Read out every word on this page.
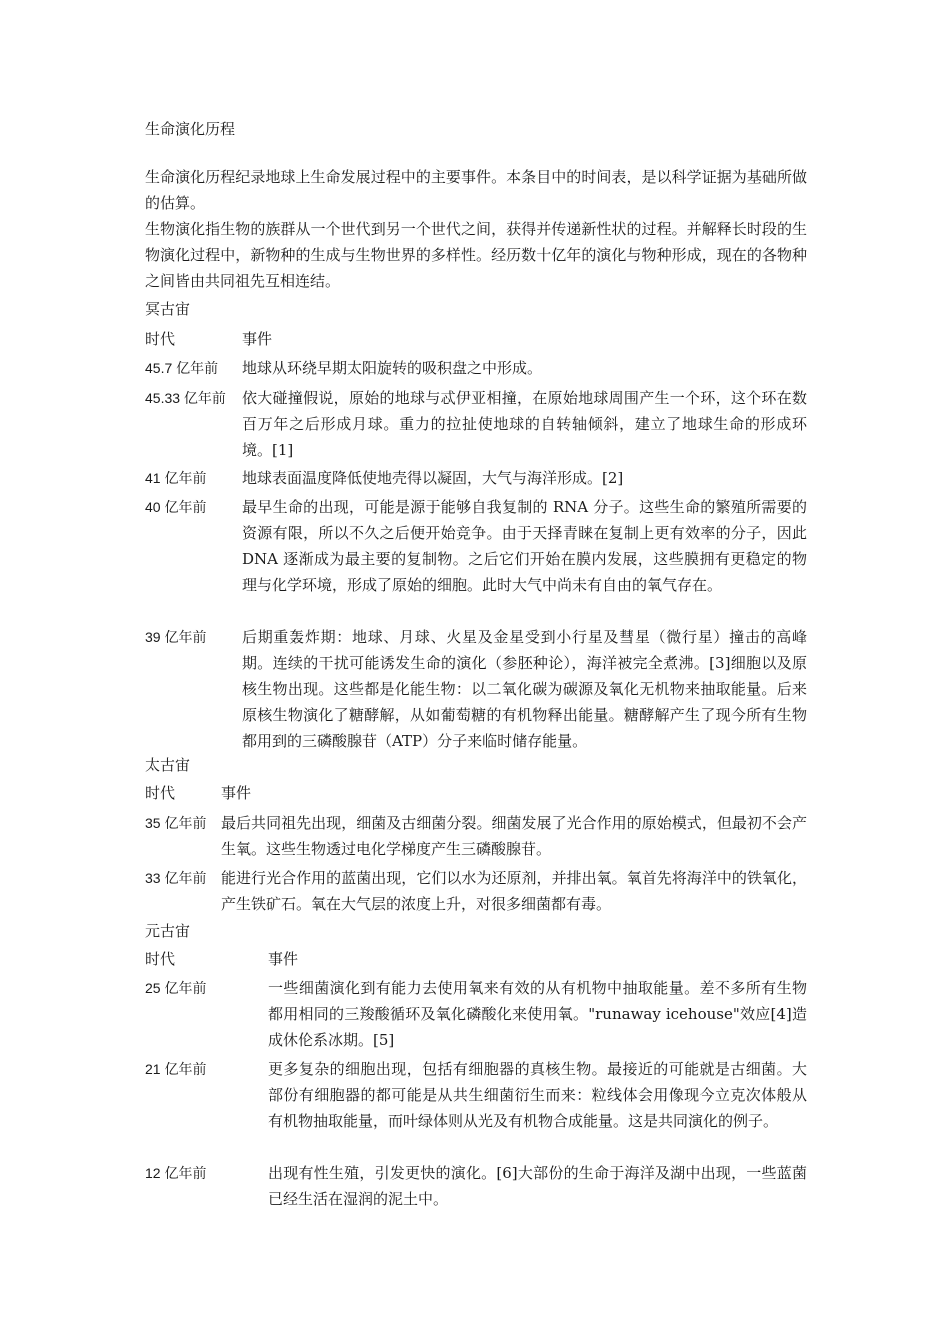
生命演化历程

生命演化历程纪录地球上生命发展过程中的主要事件。本条目中的时间表，是以科学证据为基础所做的估算。

生物演化指生物的族群从一个世代到另一个世代之间，获得并传递新性状的过程。并解释长时段的生物演化过程中，新物种的生成与生物世界的多样性。经历数十亿年的演化与物种形成，现在的各物种之间皆由共同祖先互相连结。

冥古宙
时代	事件
45.7 亿年前 地球从环绕早期太阳旋转的吸积盘之中形成。
45.33 亿年前 依大碰撞假说，原始的地球与忒伊亚相撞，在原始地球周围产生一个环，这个环在数百万年之后形成月球。重力的拉扯使地球的自转轴倾斜，建立了地球生命的形成环境。[1]
41 亿年前 地球表面温度降低使地壳得以凝固，大气与海洋形成。[2]
40 亿年前 最早生命的出现，可能是源于能够自我复制的 RNA 分子。这些生命的繁殖所需要的资源有限，所以不久之后便开始竞争。由于天择青睐在复制上更有效率的分子，因此 DNA 逐渐成为最主要的复制物。之后它们开始在膜内发展，这些膜拥有更稳定的物理与化学环境，形成了原始的细胞。此时大气中尚未有自由的氧气存在。
39 亿年前 后期重轰炸期：地球、月球、火星及金星受到小行星及彗星（微行星）撞击的高峰期。连续的干扰可能诱发生命的演化（参胚种论），海洋被完全煮沸。[3]细胞以及原核生物出现。这些都是化能生物：以二氧化碳为碳源及氧化无机物来抽取能量。后来原核生物演化了糖酵解，从如葡萄糖的有机物释出能量。糖酵解产生了现今所有生物都用到的三磷酸腺苷（ATP）分子来临时储存能量。
太古宙
时代	事件
35 亿年前 最后共同祖先出现，细菌及古细菌分裂。细菌发展了光合作用的原始模式，但最初不会产生氧。这些生物透过电化学梯度产生三磷酸腺苷。
33 亿年前 能进行光合作用的蓝菌出现，它们以水为还原剂，并排出氧。氧首先将海洋中的铁氧化，产生铁矿石。氧在大气层的浓度上升，对很多细菌都有毒。
元古宙
时代	事件
25 亿年前	一些细菌演化到有能力去使用氧来有效的从有机物中抽取能量。差不多所有生物都用相同的三羧酸循环及氧化磷酸化来使用氧。"runaway icehouse"效应[4]造成休伦系冰期。[5]
21 亿年前	更多复杂的细胞出现，包括有细胞器的真核生物。最接近的可能就是古细菌。大部份有细胞器的都可能是从共生细菌衍生而来：粒线体会用像现今立克次体般从有机物抽取能量，而叶绿体则从光及有机物合成能量。这是共同演化的例子。
12 亿年前	出现有性生殖，引发更快的演化。[6]大部份的生命于海洋及湖中出现，一些蓝菌已经生活在湿润的泥土中。
